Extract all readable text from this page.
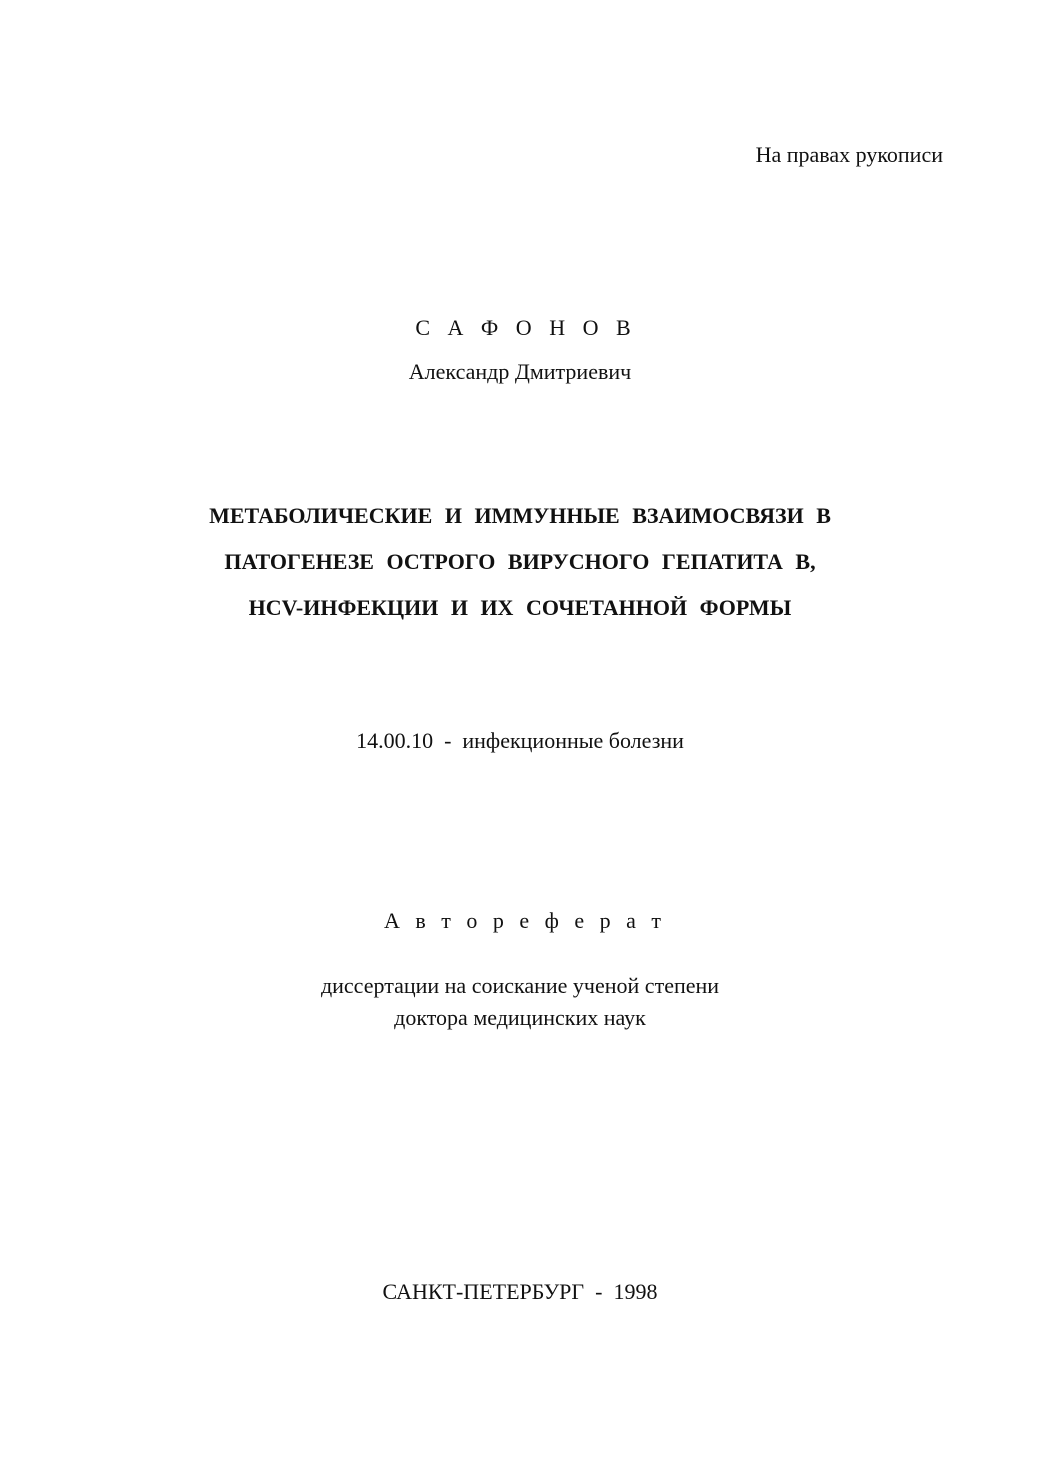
На правах рукописи
С А Ф О Н О В
Александр Дмитриевич
МЕТАБОЛИЧЕСКИЕ И ИММУННЫЕ ВЗАИМОСВЯЗИ В
ПАТОГЕНЕЗЕ ОСТРОГО ВИРУСНОГО ГЕПАТИТА В,
HCV-ИНФЕКЦИИ И ИХ СОЧЕТАННОЙ ФОРМЫ
14.00.10  -  инфекционные болезни
А в т о р е ф е р а т
диссертации на соискание ученой степени
доктора медицинских наук
САНКТ-ПЕТЕРБУРГ  -  1998
